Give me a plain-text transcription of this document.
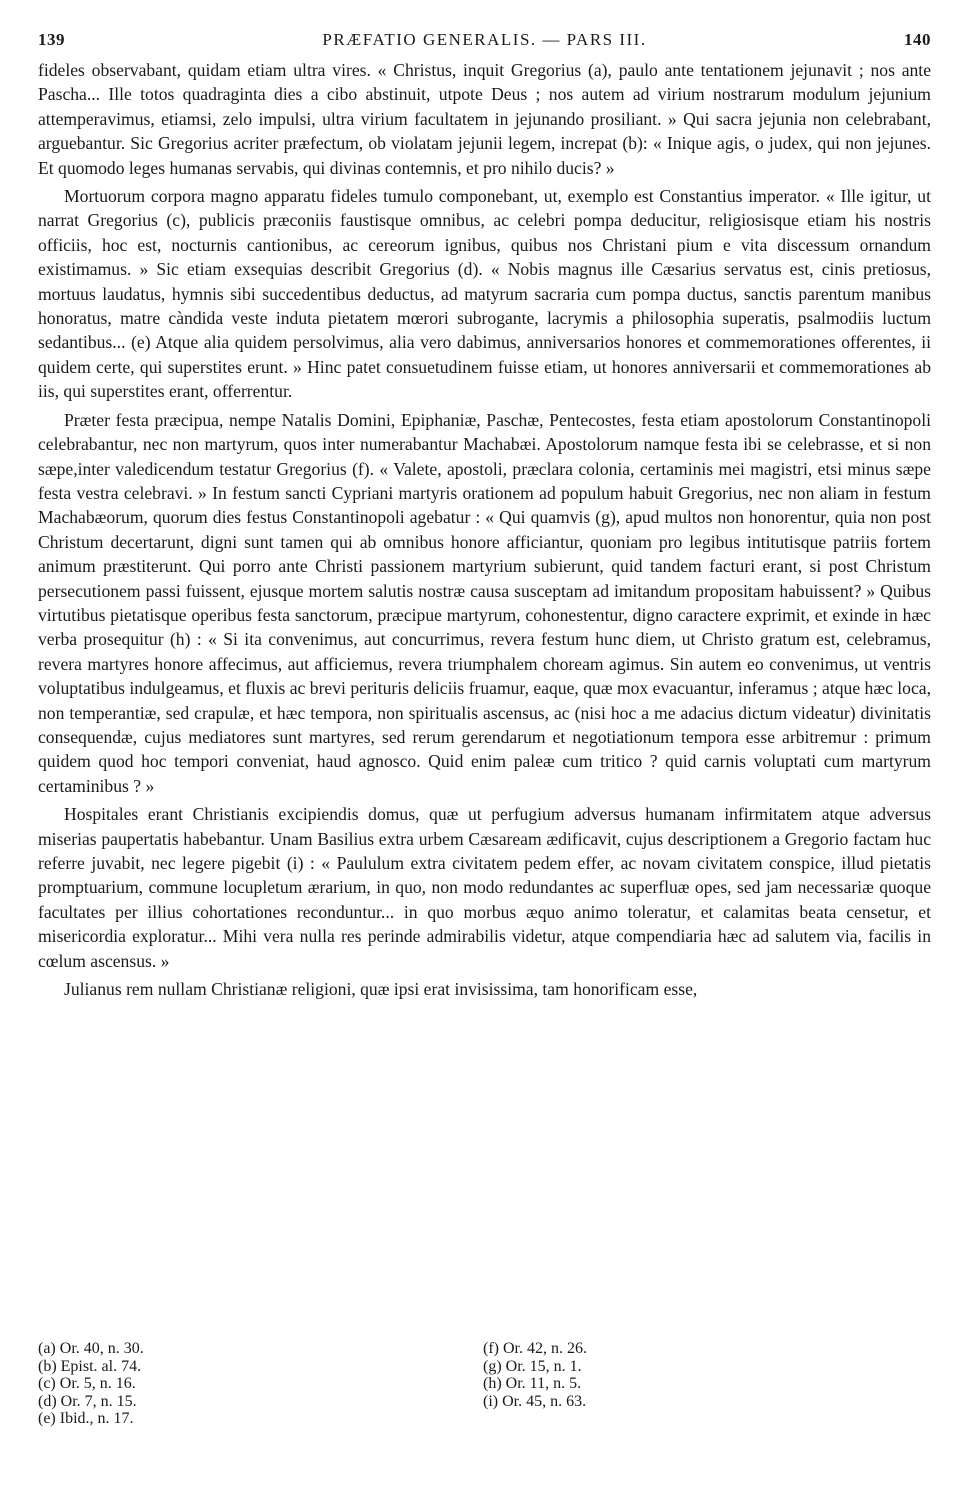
139	PRÆFATIO GENERALIS. — PARS III.	140

fideles observabant, quidam etiam ultra vires. « Christus, inquit Gregorius (a), paulo ante tentationem jejunavit ; nos ante Pascha... Ille totos quadraginta dies a cibo abstinuit, utpote Deus ; nos autem ad virium nostrarum modulum jejunium attemperavimus, etiamsi, zelo impulsi, ultra virium facultatem in jejunando prosiliant. » Qui sacra jejunia non celebrabant, arguebantur. Sic Gregorius acriter præfectum, ob violatam jejunii legem, increpat (b): « Inique agis, o judex, qui non jejunes. Et quomodo leges humanas servabis, qui divinas contemnis, et pro nihilo ducis? »

Mortuorum corpora magno apparatu fideles tumulo componebant, ut, exemplo est Constantius imperator. « Ille igitur, ut narrat Gregorius (c), publicis præconiis faustisque omnibus, ac celebri pompa deducitur, religiosisque etiam his nostris officiis, hoc est, nocturnis cantionibus, ac cereorum ignibus, quibus nos Christani pium e vita discessum ornandum existimamus. » Sic etiam exsequias describit Gregorius (d). « Nobis magnus ille Cæsarius servatus est, cinis pretiosus, mortuus laudatus, hymnis sibi succedentibus deductus, ad matyrum sacraria cum pompa ductus, sanctis parentum manibus honoratus, matre càndida veste induta pietatem mœrori subrogante, lacrymis a philosophia superatis, psalmodiis luctum sedantibus... (e) Atque alia quidem persolvimus, alia vero dabimus, anniversarios honores et commemorationes offerentes, ii quidem certe, qui superstites erunt. » Hinc patet consuetudinem fuisse etiam, ut honores anniversarii et commemorationes ab iis, qui superstites erant, offerrentur.

Præter festa præcipua, nempe Natalis Domini, Epiphaniæ, Paschæ, Pentecostes, festa etiam apostolorum Constantinopoli celebrabantur, nec non martyrum, quos inter numerabantur Machabæi. Apostolorum namque festa ibi se celebrasse, et si non sæpe,inter valedicendum testatur Gregorius (f). « Valete, apostoli, præclara colonia, certaminis mei magistri, etsi minus sæpe festa vestra celebravi. » In festum sancti Cypriani martyris orationem ad populum habuit Gregorius, nec non aliam in festum Machabæorum, quorum dies festus Constantinopoli agebatur : « Qui quamvis (g), apud multos non honorentur, quia non post Christum decertarunt, digni sunt tamen qui ab omnibus honore afficiantur, quoniam pro legibus intitutisque patriis fortem animum præstiterunt. Qui porro ante Christi passionem martyrium subierunt, quid tandem facturi erant, si post Christum persecutionem passi fuissent, ejusque mortem salutis nostræ causa susceptam ad imitandum propositam habuissent? » Quibus virtutibus pietatisque operibus festa sanctorum, præcipue martyrum, cohonestentur, digno caractere exprimit, et exinde in hæc verba prosequitur (h) : « Si ita convenimus, aut concurrimus, revera festum hunc diem, ut Christo gratum est, celebramus, revera martyres honore affecimus, aut afficiemus, revera triumphalem choream agimus. Sin autem eo convenimus, ut ventris voluptatibus indulgeamus, et fluxis ac brevi perituris deliciis fruamur, eaque, quæ mox evacuantur, inferamus ; atque hæc loca, non temperantiæ, sed crapulæ, et hæc tempora, non spiritualis ascensus, ac (nisi hoc a me adacius dictum videatur) divinitatis consequendæ, cujus mediatores sunt martyres, sed rerum gerendarum et negotiationum tempora esse arbitremur : primum quidem quod hoc tempori conveniat, haud agnosco. Quid enim paleæ cum tritico ? quid carnis voluptati cum martyrum certaminibus ? »

Hospitales erant Christianis excipiendis domus, quæ ut perfugium adversus humanam infirmitatem atque adversus miserias paupertatis habebantur. Unam Basilius extra urbem Cæsaream ædificavit, cujus descriptionem a Gregorio factam huc referre juvabit, nec legere pigebit (i) : « Paululum extra civitatem pedem effer, ac novam civitatem conspice, illud pietatis promptuarium, commune locupletum ærarium, in quo, non modo redundantes ac superfluæ opes, sed jam necessariæ quoque facultates per illius cohortationes reconduntur... in quo morbus æquo animo toleratur, et calamitas beata censetur, et misericordia exploratur... Mihi vera nulla res perinde admirabilis videtur, atque compendiaria hæc ad salutem via, facilis in cœlum ascensus. »

Julianus rem nullam Christianæ religioni, quæ ipsi erat invisissima, tam honorificam esse,

(a) Or. 40, n. 30.
(b) Epist. al. 74.
(c) Or. 5, n. 16.
(d) Or. 7, n. 15.
(e) Ibid., n. 17.
(f) Or. 42, n. 26.
(g) Or. 15, n. 1.
(h) Or. 11, n. 5.
(i) Or. 45, n. 63.
